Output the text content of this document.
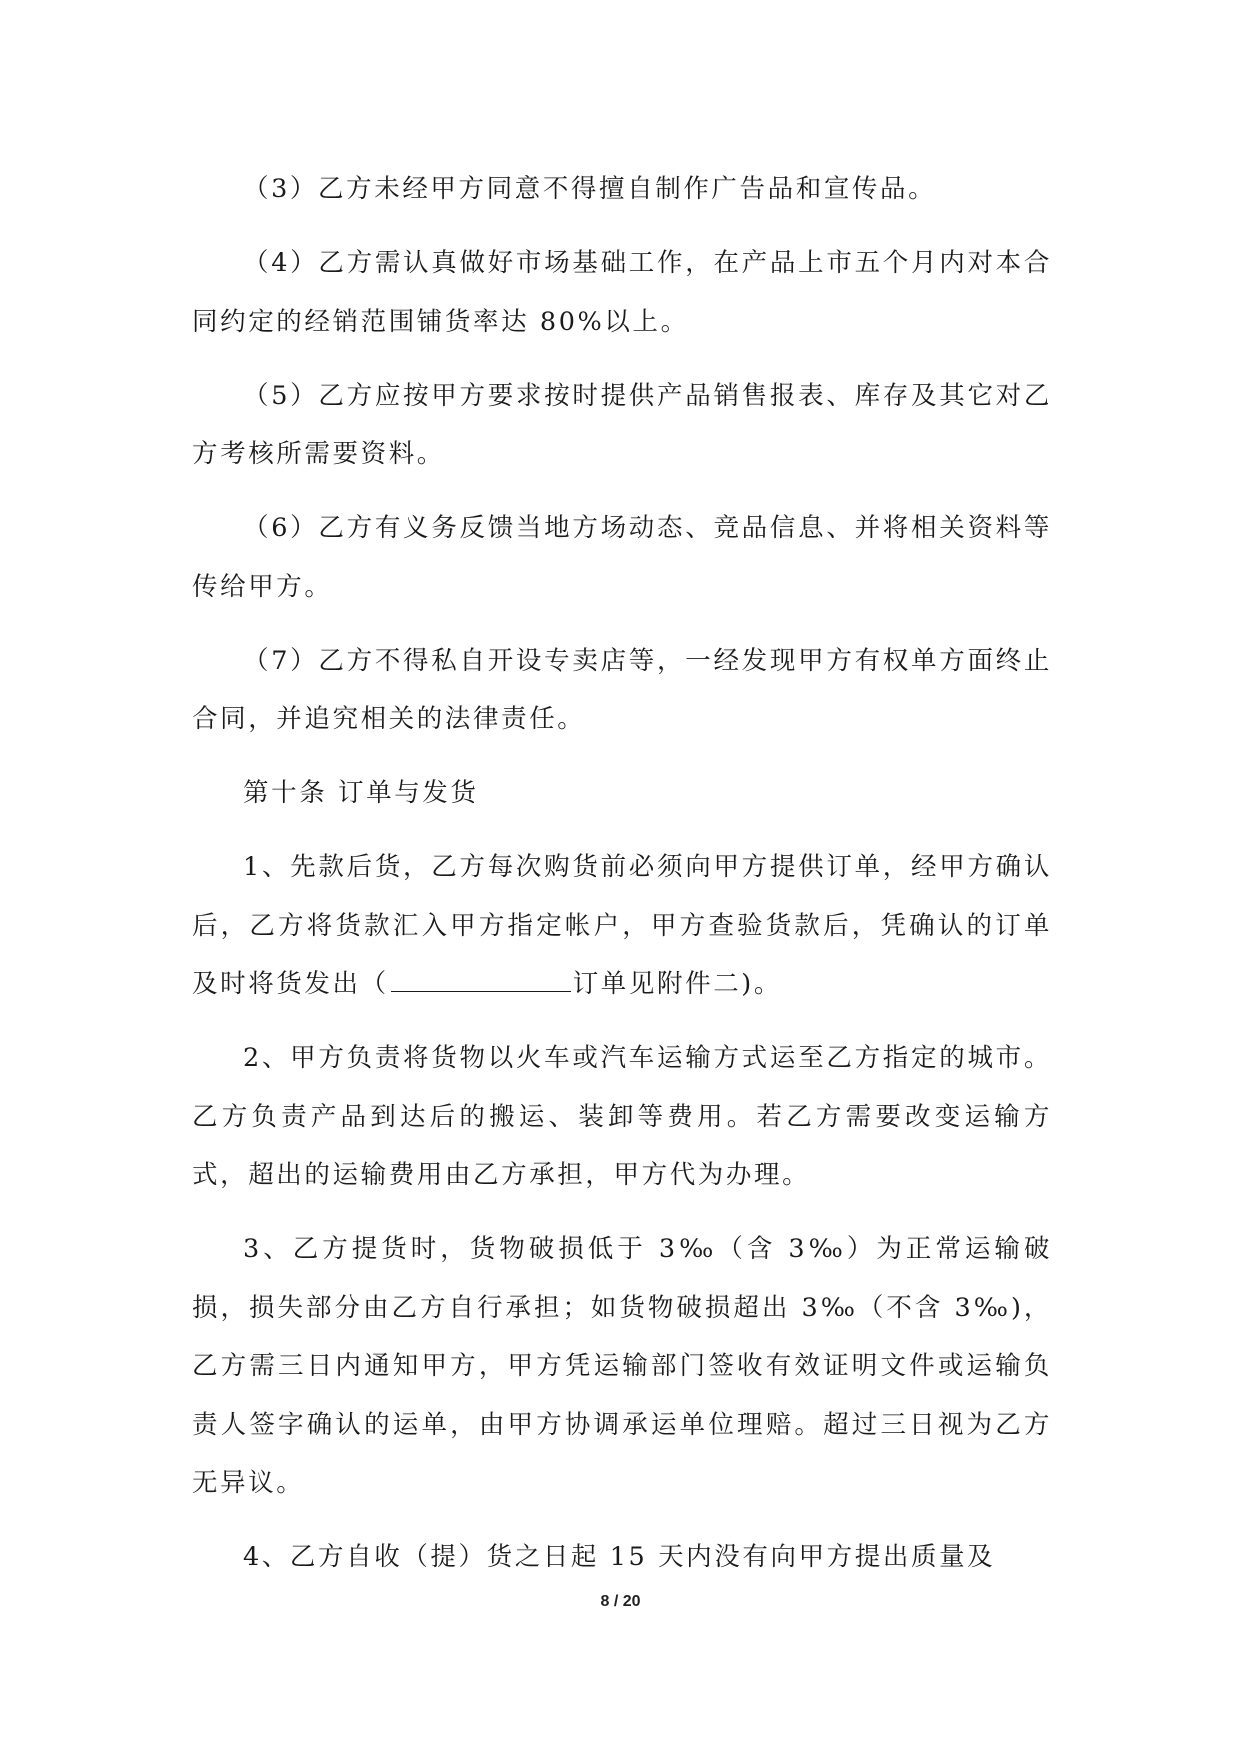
（3）乙方未经甲方同意不得擅自制作广告品和宣传品。

（4）乙方需认真做好市场基础工作，在产品上市五个月内对本合同约定的经销范围铺货率达 80%以上。

（5）乙方应按甲方要求按时提供产品销售报表、库存及其它对乙方考核所需要资料。

（6）乙方有义务反馈当地方场动态、竞品信息、并将相关资料等传给甲方。

（7）乙方不得私自开设专卖店等，一经发现甲方有权单方面终止合同，并追究相关的法律责任。

第十条 订单与发货

1、先款后货，乙方每次购货前必须向甲方提供订单，经甲方确认后，乙方将货款汇入甲方指定帐户，甲方查验货款后，凭确认的订单及时将货发出（	订单见附件二)。

2、甲方负责将货物以火车或汽车运输方式运至乙方指定的城市。乙方负责产品到达后的搬运、装卸等费用。若乙方需要改变运输方式，超出的运输费用由乙方承担，甲方代为办理。

3、乙方提货时，货物破损低于 3‰（含 3‰）为正常运输破损，损失部分由乙方自行承担；如货物破损超出 3‰（不含 3‰)，乙方需三日内通知甲方，甲方凭运输部门签收有效证明文件或运输负责人签字确认的运单，由甲方协调承运单位理赔。超过三日视为乙方无异议。

4、乙方自收（提）货之日起 15 天内没有向甲方提出质量及

8 / 20
